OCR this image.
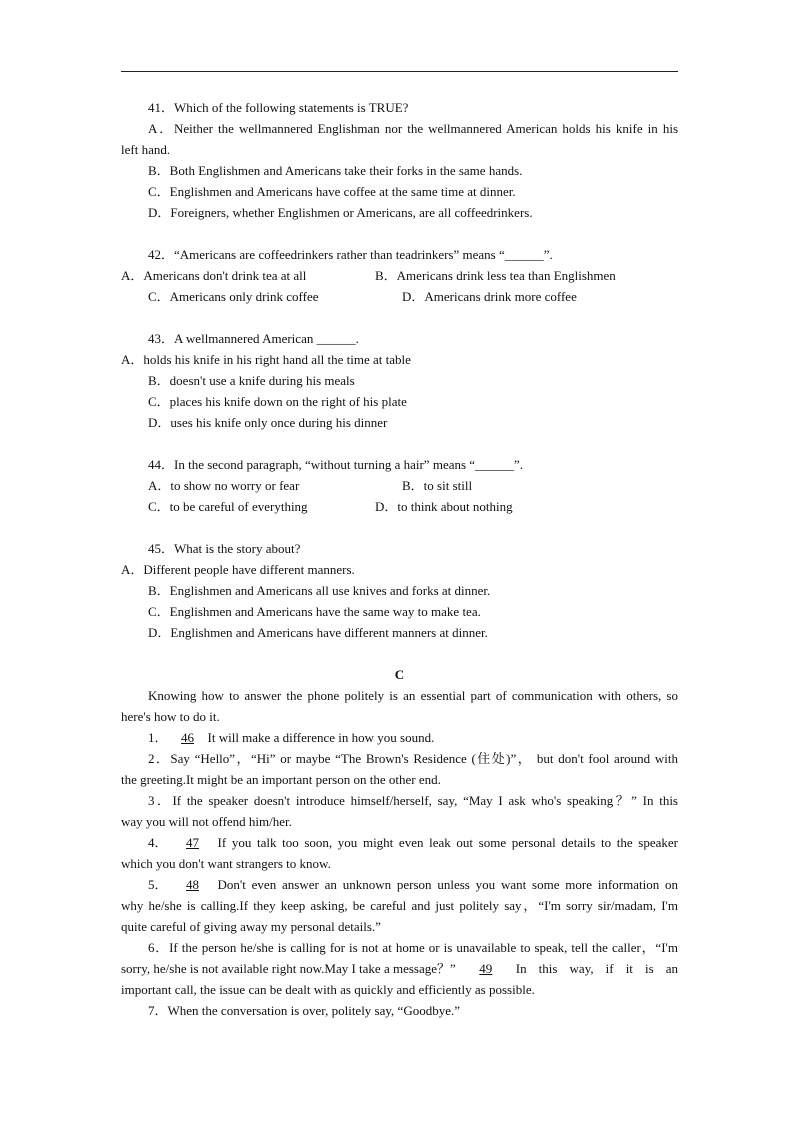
41．Which of the following statements is TRUE?
A．Neither the wellmannered Englishman nor the wellmannered American holds his knife in his
left hand.
B．Both Englishmen and Americans take their forks in the same hands.
C．Englishmen and Americans have coffee at the same time at dinner.
D．Foreigners, whether Englishmen or Americans, are all coffeedrinkers.
42．“Americans are coffeedrinkers rather than teadrinkers” means “______”.
A．Americans don't drink tea at all	B．Americans drink less tea than Englishmen
C．Americans only drink coffee	D．Americans drink more coffee
43．A wellmannered American ______.
A．holds his knife in his right hand all the time at table
B．doesn't use a knife during his meals
C．places his knife down on the right of his plate
D．uses his knife only once during his dinner
44．In the second paragraph, “without turning a hair” means “______”.
A．to show no worry or fear	B．to sit still
C．to be careful of everything	D．to think about nothing
45．What is the story about?
A．Different people have different manners.
B．Englishmen and Americans all use knives and forks at dinner.
C．Englishmen and Americans have the same way to make tea.
D．Englishmen and Americans have different manners at dinner.
C
Knowing how to answer the phone politely is an essential part of communication with others, so
here's how to do it.
1． 46 It will make a difference in how you sound.
2．Say “Hello”，“Hi” or maybe “The Brown's Residence (住处)”， but don't fool around with
the greeting.It might be an important person on the other end.
3．If the speaker doesn't introduce himself/herself, say, “May I ask who's speaking？” In this
way you will not offend him/her.
4．	47	If you talk too soon, you might even leak out some personal details to the speaker
which you don't want strangers to know.
5．	48	Don't even answer an unknown person unless you want some more information on
why he/she is calling.If they keep asking, be careful and just politely say，“I'm sorry sir/madam, I'm
quite careful of giving away my personal details.”
6．If the person he/she is calling for is not at home or is unavailable to speak, tell the caller，“I'm
sorry, he/she is not available right now.May I take a message？”	49	In this way, if it is an
important call, the issue can be dealt with as quickly and efficiently as possible.
7．When the conversation is over, politely say, “Goodbye.”
